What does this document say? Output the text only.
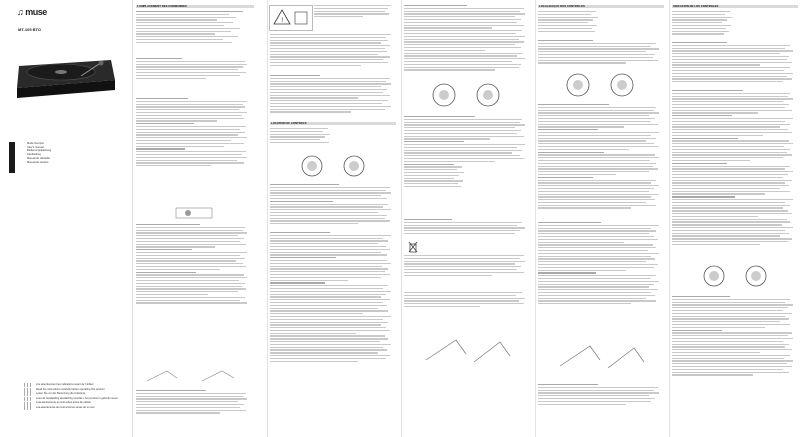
♫ muse
MT-105 BTO
Mode d'emploi
User's manual
Bedienungsanleitung
Handleiding
Manual do utilizador
Manual de usuario
Lire attentivement les indications avant de l'utiliser
Read the instructions carefully before operating this product
Lesen Sie vor der Benutzung die Anleitung
Lees de handleiding aandachtig voordat u het product in gebruik neemt
Leia atentamente as instruções antes de utilizar
Lea atentamente las instrucciones antes de su uso
1 EMPLACEMENT DES COMMANDES
!
LOCATION OF CONTROLS
LOCALIZAÇÃO DOS CONTROLOS	UBICACIÓN DE LOS CONTROLES
